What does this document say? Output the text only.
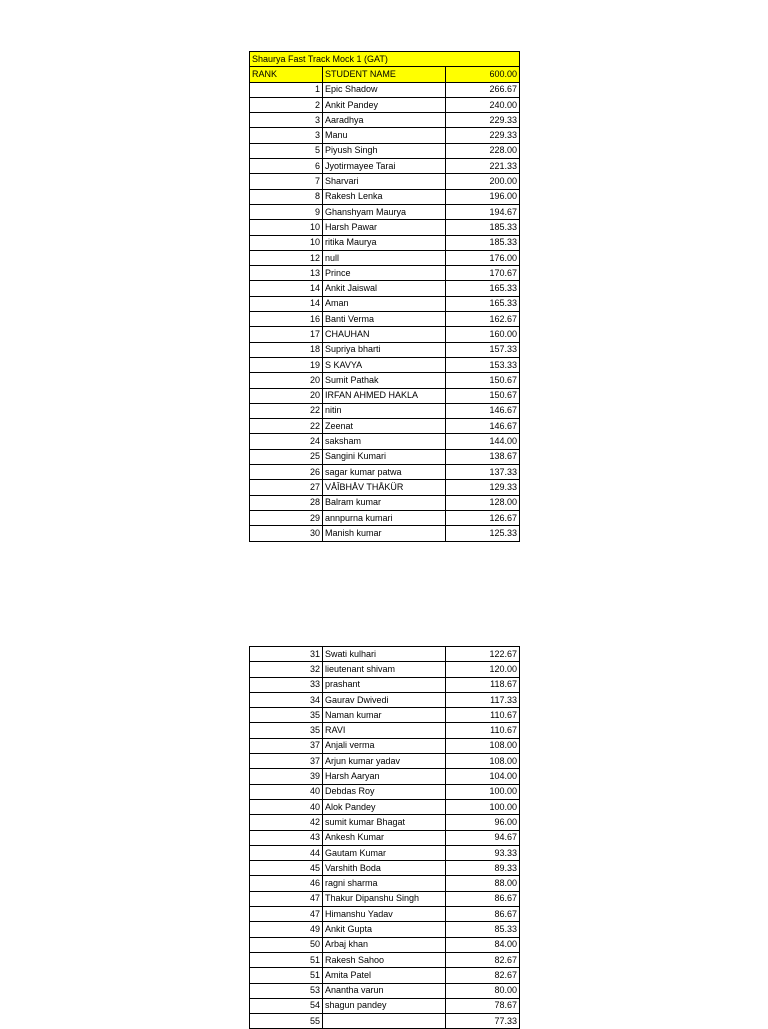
Shaurya Fast Track Mock 1 (GAT)		
RANK	STUDENT NAME	600.00
1	Epic Shadow	266.67
2	Ankit Pandey	240.00
3	Aaradhya	229.33
3	Manu	229.33
5	Piyush Singh	228.00
6	Jyotirmayee Tarai	221.33
7	Sharvari	200.00
8	Rakesh Lenka	196.00
9	Ghanshyam Maurya	194.67
10	Harsh Pawar	185.33
10	ritika Maurya	185.33
12	null	176.00
13	Prince	170.67
14	Ankit Jaiswal	165.33
14	Aman	165.33
16	Banti Verma	162.67
17	CHAUHAN	160.00
18	Supriya bharti	157.33
19	S KAVYA	153.33
20	Sumit Pathak	150.67
20	IRFAN AHMED HAKLA	150.67
22	nitin	146.67
22	Zeenat	146.67
24	saksham	144.00
25	Sangini Kumari	138.67
26	sagar kumar patwa	137.33
27	VÅÎBHÅV THÅKÜR	129.33
28	Balram kumar	128.00
29	annpurna kumari	126.67
30	Manish kumar	125.33
31	Swati kulhari	122.67
32	lieutenant shivam	120.00
33	prashant	118.67
34	Gaurav Dwivedi	117.33
35	Naman kumar	110.67
35	RAVI	110.67
37	Anjali verma	108.00
37	Arjun kumar yadav	108.00
39	Harsh Aaryan	104.00
40	Debdas Roy	100.00
40	Alok Pandey	100.00
42	sumit kumar Bhagat	96.00
43	Ankesh Kumar	94.67
44	Gautam Kumar	93.33
45	Varshith Boda	89.33
46	ragni sharma	88.00
47	Thakur Dipanshu Singh	86.67
47	Himanshu Yadav	86.67
49	Ankit Gupta	85.33
50	Arbaj khan	84.00
51	Rakesh Sahoo	82.67
51	Amita Patel	82.67
53	Anantha varun	80.00
54	shagun pandey	78.67
55		77.33
